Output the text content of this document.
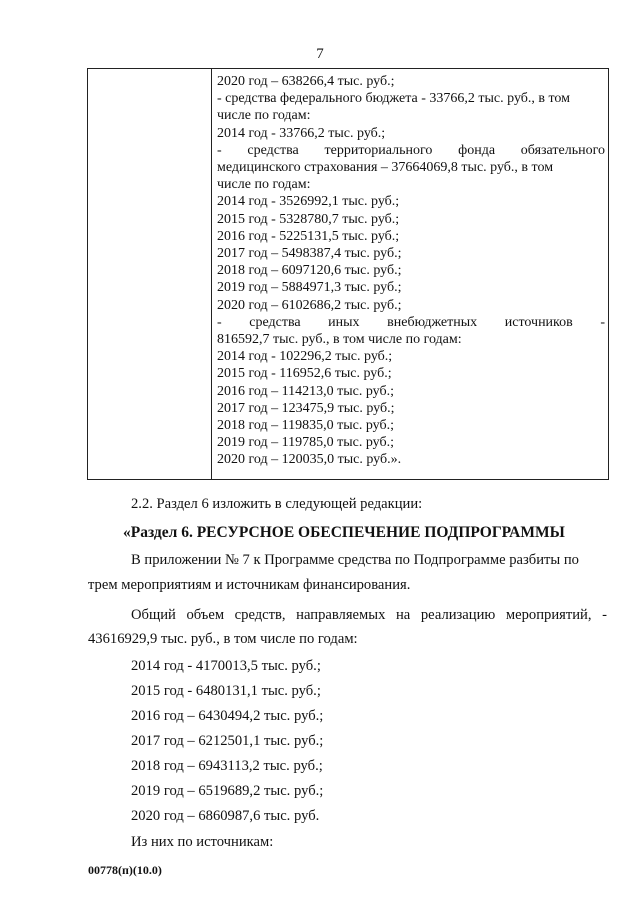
7
2020 год – 638266,4 тыс. руб.;
- средства федерального бюджета - 33766,2 тыс. руб., в том
числе по годам:
2014 год - 33766,2 тыс. руб.;
- средства территориального фонда обязательного
медицинского страхования – 37664069,8 тыс. руб., в том
числе по годам:
2014 год - 3526992,1 тыс. руб.;
2015 год - 5328780,7 тыс. руб.;
2016 год - 5225131,5 тыс. руб.;
2017 год – 5498387,4 тыс. руб.;
2018 год – 6097120,6 тыс. руб.;
2019 год – 5884971,3 тыс. руб.;
2020 год – 6102686,2 тыс. руб.;
- средства иных внебюджетных источников -
816592,7 тыс. руб., в том числе по годам:
2014 год - 102296,2 тыс. руб.;
2015 год - 116952,6 тыс. руб.;
2016 год – 114213,0 тыс. руб.;
2017 год – 123475,9 тыс. руб.;
2018 год – 119835,0 тыс. руб.;
2019 год – 119785,0 тыс. руб.;
2020 год – 120035,0 тыс. руб.».
2.2. Раздел 6 изложить в следующей редакции:
«Раздел 6. РЕСУРСНОЕ ОБЕСПЕЧЕНИЕ ПОДПРОГРАММЫ
В приложении № 7 к Программе средства по Подпрограмме разбиты по
трем мероприятиям и источникам финансирования.
Общий объем средств, направляемых на реализацию мероприятий, -
43616929,9 тыс. руб., в том числе по годам:
2014 год - 4170013,5 тыс. руб.;
2015 год - 6480131,1 тыс. руб.;
2016 год – 6430494,2 тыс. руб.;
2017 год – 6212501,1 тыс. руб.;
2018 год – 6943113,2 тыс. руб.;
2019 год – 6519689,2 тыс. руб.;
2020 год – 6860987,6 тыс. руб.
Из них по источникам:
00778(п)(10.0)
